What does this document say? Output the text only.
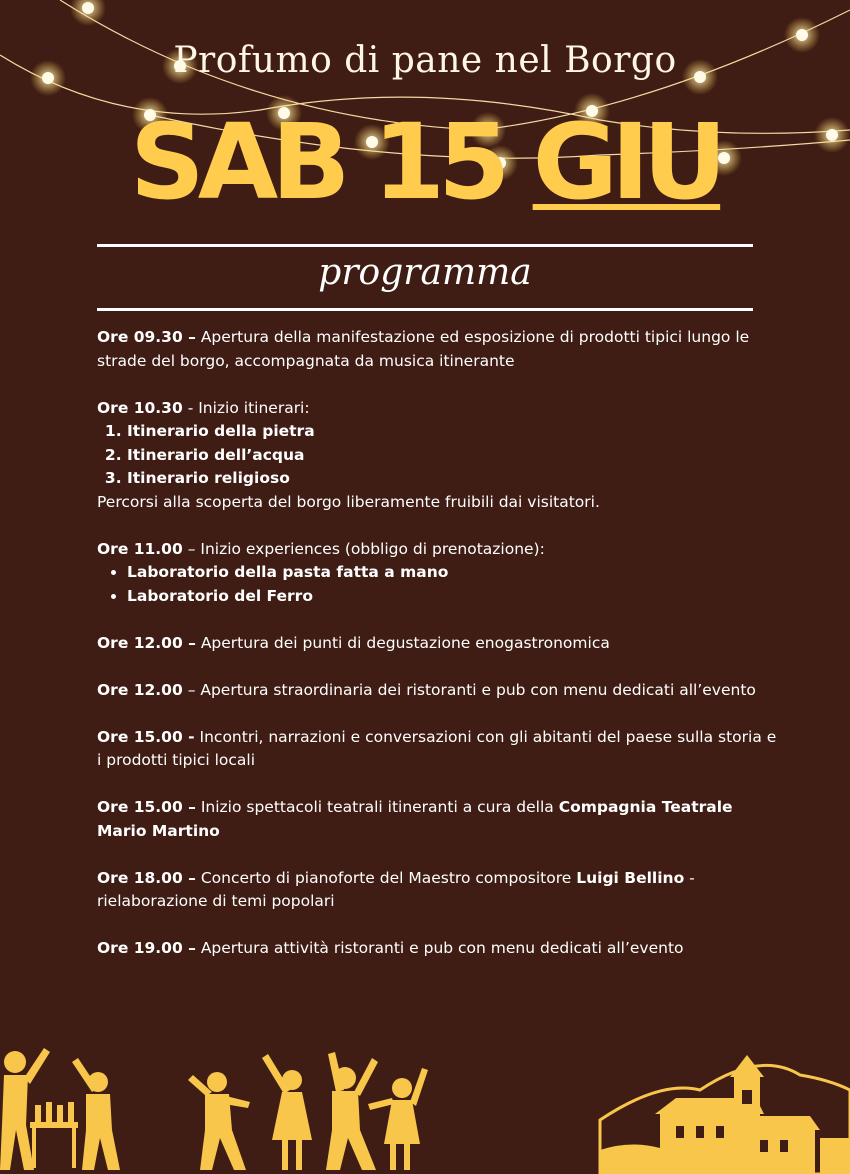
Profumo di pane nel Borgo
SAB 15 GIU
programma

Ore 09.30 – Apertura della manifestazione ed esposizione di prodotti tipici lungo le strade del borgo, accompagnata da musica itinerante

Ore 10.30 - Inizio itinerari:

1. Itinerario della pietra
2. Itinerario dell’acqua
3. Itinerario religioso

Percorsi alla scoperta del borgo liberamente fruibili dai visitatori.

Ore 11.00 – Inizio experiences (obbligo di prenotazione):

• Laboratorio della pasta fatta a mano
• Laboratorio del Ferro

Ore 12.00 – Apertura dei punti di degustazione enogastronomica

Ore 12.00 – Apertura straordinaria dei ristoranti e pub con menu dedicati all’evento

Ore 15.00 - Incontri, narrazioni e conversazioni con gli abitanti del paese sulla storia e i prodotti tipici locali

Ore 15.00 – Inizio spettacoli teatrali itineranti a cura della Compagnia Teatrale Mario Martino

Ore 18.00 – Concerto di pianoforte del Maestro compositore Luigi Bellino - rielaborazione di temi popolari

Ore 19.00 – Apertura attività ristoranti e pub con menu dedicati all’evento
